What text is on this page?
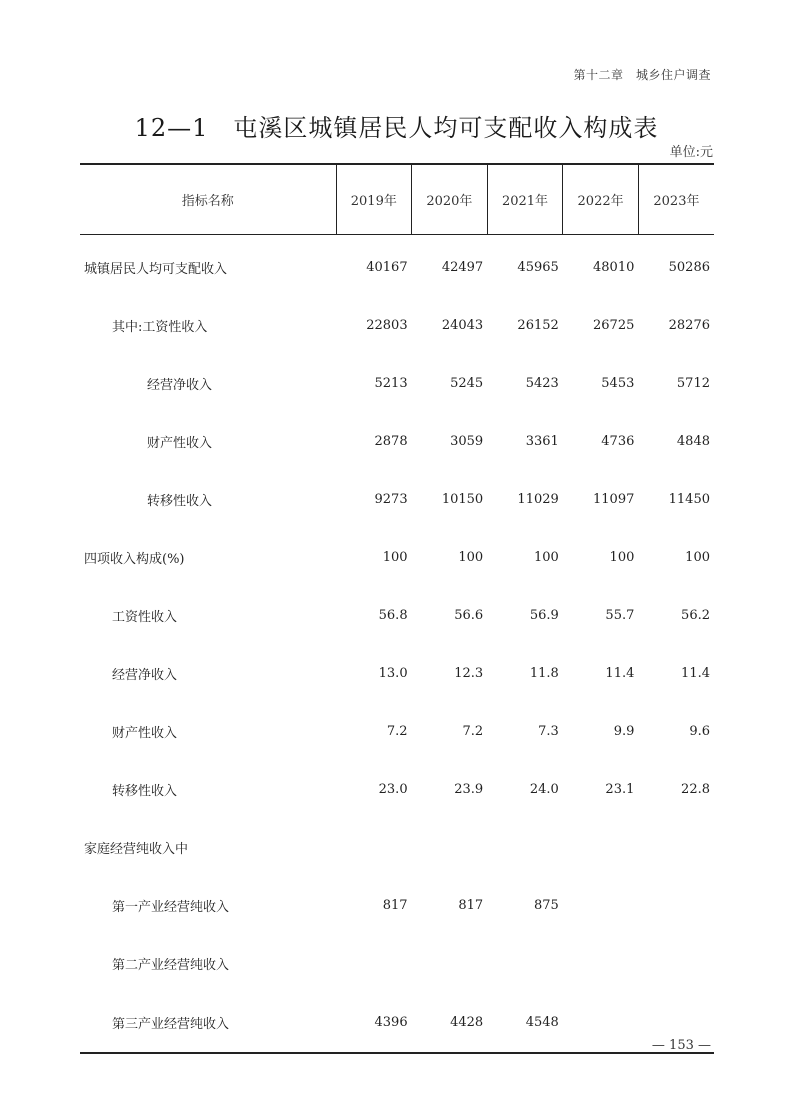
第十二章　城乡住户调查
12—1　屯溪区城镇居民人均可支配收入构成表
单位:元
指标名称	2019年	2020年	2021年	2022年	2023年
城镇居民人均可支配收入	40167	42497	45965	48010	50286
其中:工资性收入	22803	24043	26152	26725	28276
经营净收入	5213	5245	5423	5453	5712
财产性收入	2878	3059	3361	4736	4848
转移性收入	9273	10150	11029	11097	11450
四项收入构成(%)	100	100	100	100	100
工资性收入	56.8	56.6	56.9	55.7	56.2
经营净收入	13.0	12.3	11.8	11.4	11.4
财产性收入	7.2	7.2	7.3	9.9	9.6
转移性收入	23.0	23.9	24.0	23.1	22.8
家庭经营纯收入中					
第一产业经营纯收入	817	817	875		
第二产业经营纯收入					
第三产业经营纯收入	4396	4428	4548		
— 153 —
